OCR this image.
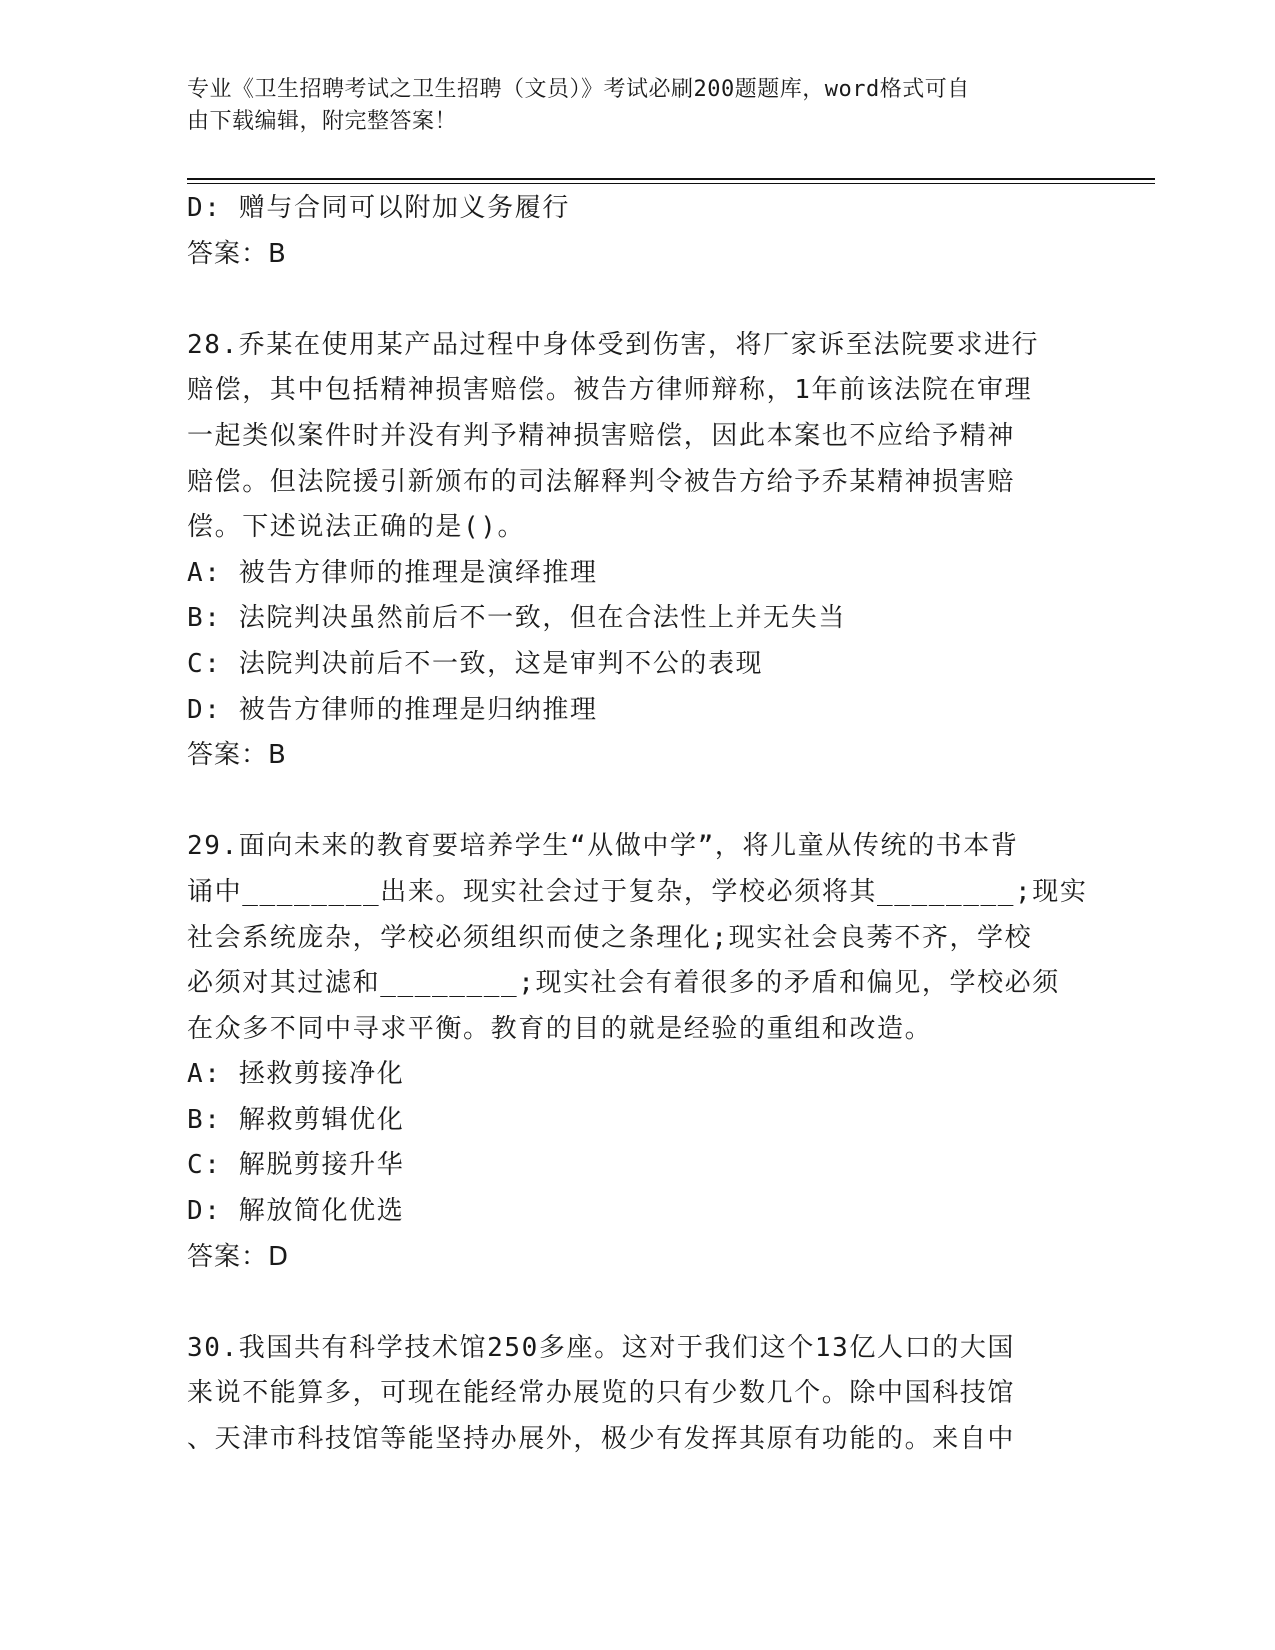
专业《卫生招聘考试之卫生招聘（文员）》考试必刷200题题库，word格式可自
由下载编辑，附完整答案！
D: 赠与合同可以附加义务履行
答案：B
28.乔某在使用某产品过程中身体受到伤害，将厂家诉至法院要求进行
赔偿，其中包括精神损害赔偿。被告方律师辩称，1年前该法院在审理
一起类似案件时并没有判予精神损害赔偿，因此本案也不应给予精神
赔偿。但法院援引新颁布的司法解释判令被告方给予乔某精神损害赔
偿。下述说法正确的是()。
A: 被告方律师的推理是演绎推理
B: 法院判决虽然前后不一致，但在合法性上并无失当
C: 法院判决前后不一致，这是审判不公的表现
D: 被告方律师的推理是归纳推理
答案：B
29.面向未来的教育要培养学生“从做中学”，将儿童从传统的书本背
诵中________出来。现实社会过于复杂，学校必须将其________;现实
社会系统庞杂，学校必须组织而使之条理化;现实社会良莠不齐，学校
必须对其过滤和________;现实社会有着很多的矛盾和偏见，学校必须
在众多不同中寻求平衡。教育的目的就是经验的重组和改造。
A: 拯救剪接净化
B: 解救剪辑优化
C: 解脱剪接升华
D: 解放简化优选
答案：D
30.我国共有科学技术馆250多座。这对于我们这个13亿人口的大国
来说不能算多，可现在能经常办展览的只有少数几个。除中国科技馆
、天津市科技馆等能坚持办展外，极少有发挥其原有功能的。来自中
